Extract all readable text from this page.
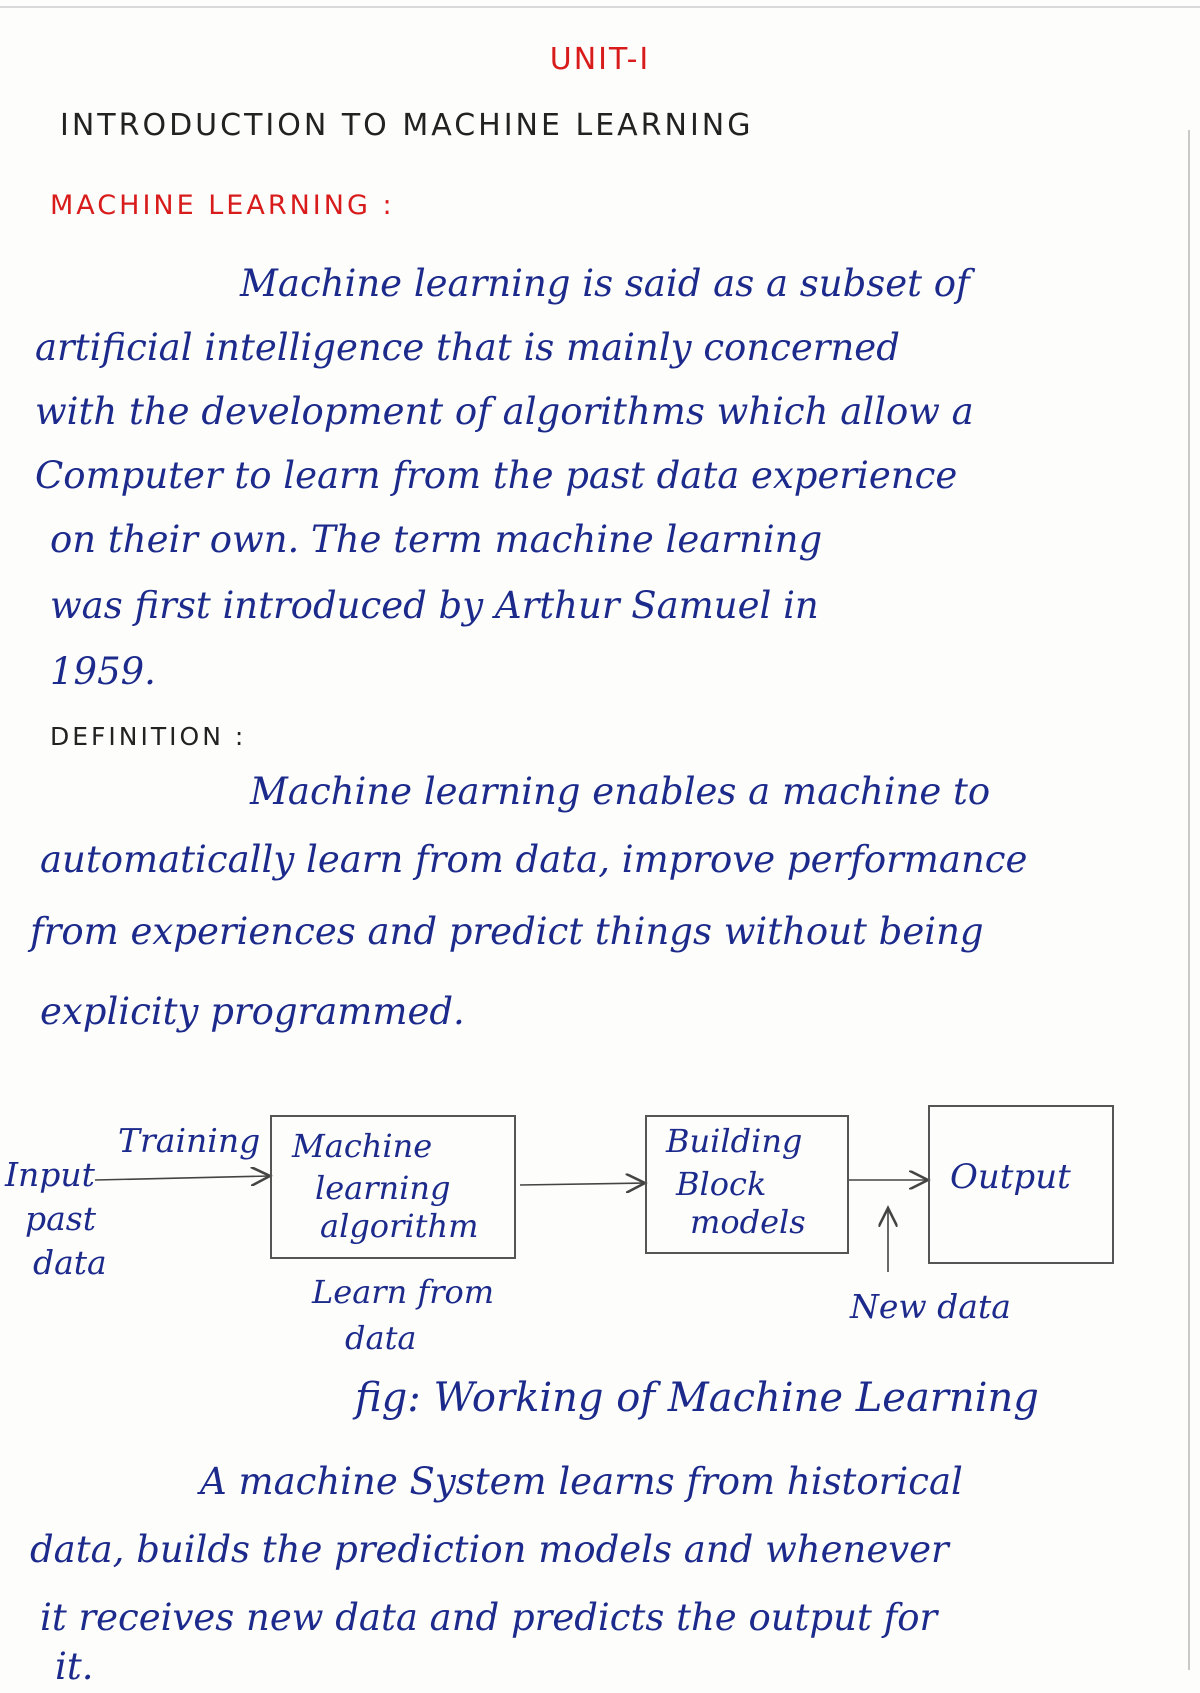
UNIT-I
INTRODUCTION TO MACHINE LEARNING
MACHINE LEARNING :
Machine learning is said as a subset of
artificial intelligence that is mainly concerned
with the development of algorithms which allow a
Computer to learn from the past data experience
on their own. The term machine learning
was first introduced by Arthur Samuel in
1959.
DEFINITION :
Machine learning enables a machine to
automatically learn from data, improve performance
from experiences and predict things without being
explicity programmed.
Input
past
data
Training Machine
learning
algorithm
Learn from
data
Building
Block
models
Output
New data
fig: Working of Machine Learning
A machine System learns from historical
data, builds the prediction models and whenever
it receives new data and predicts the output for
it.
